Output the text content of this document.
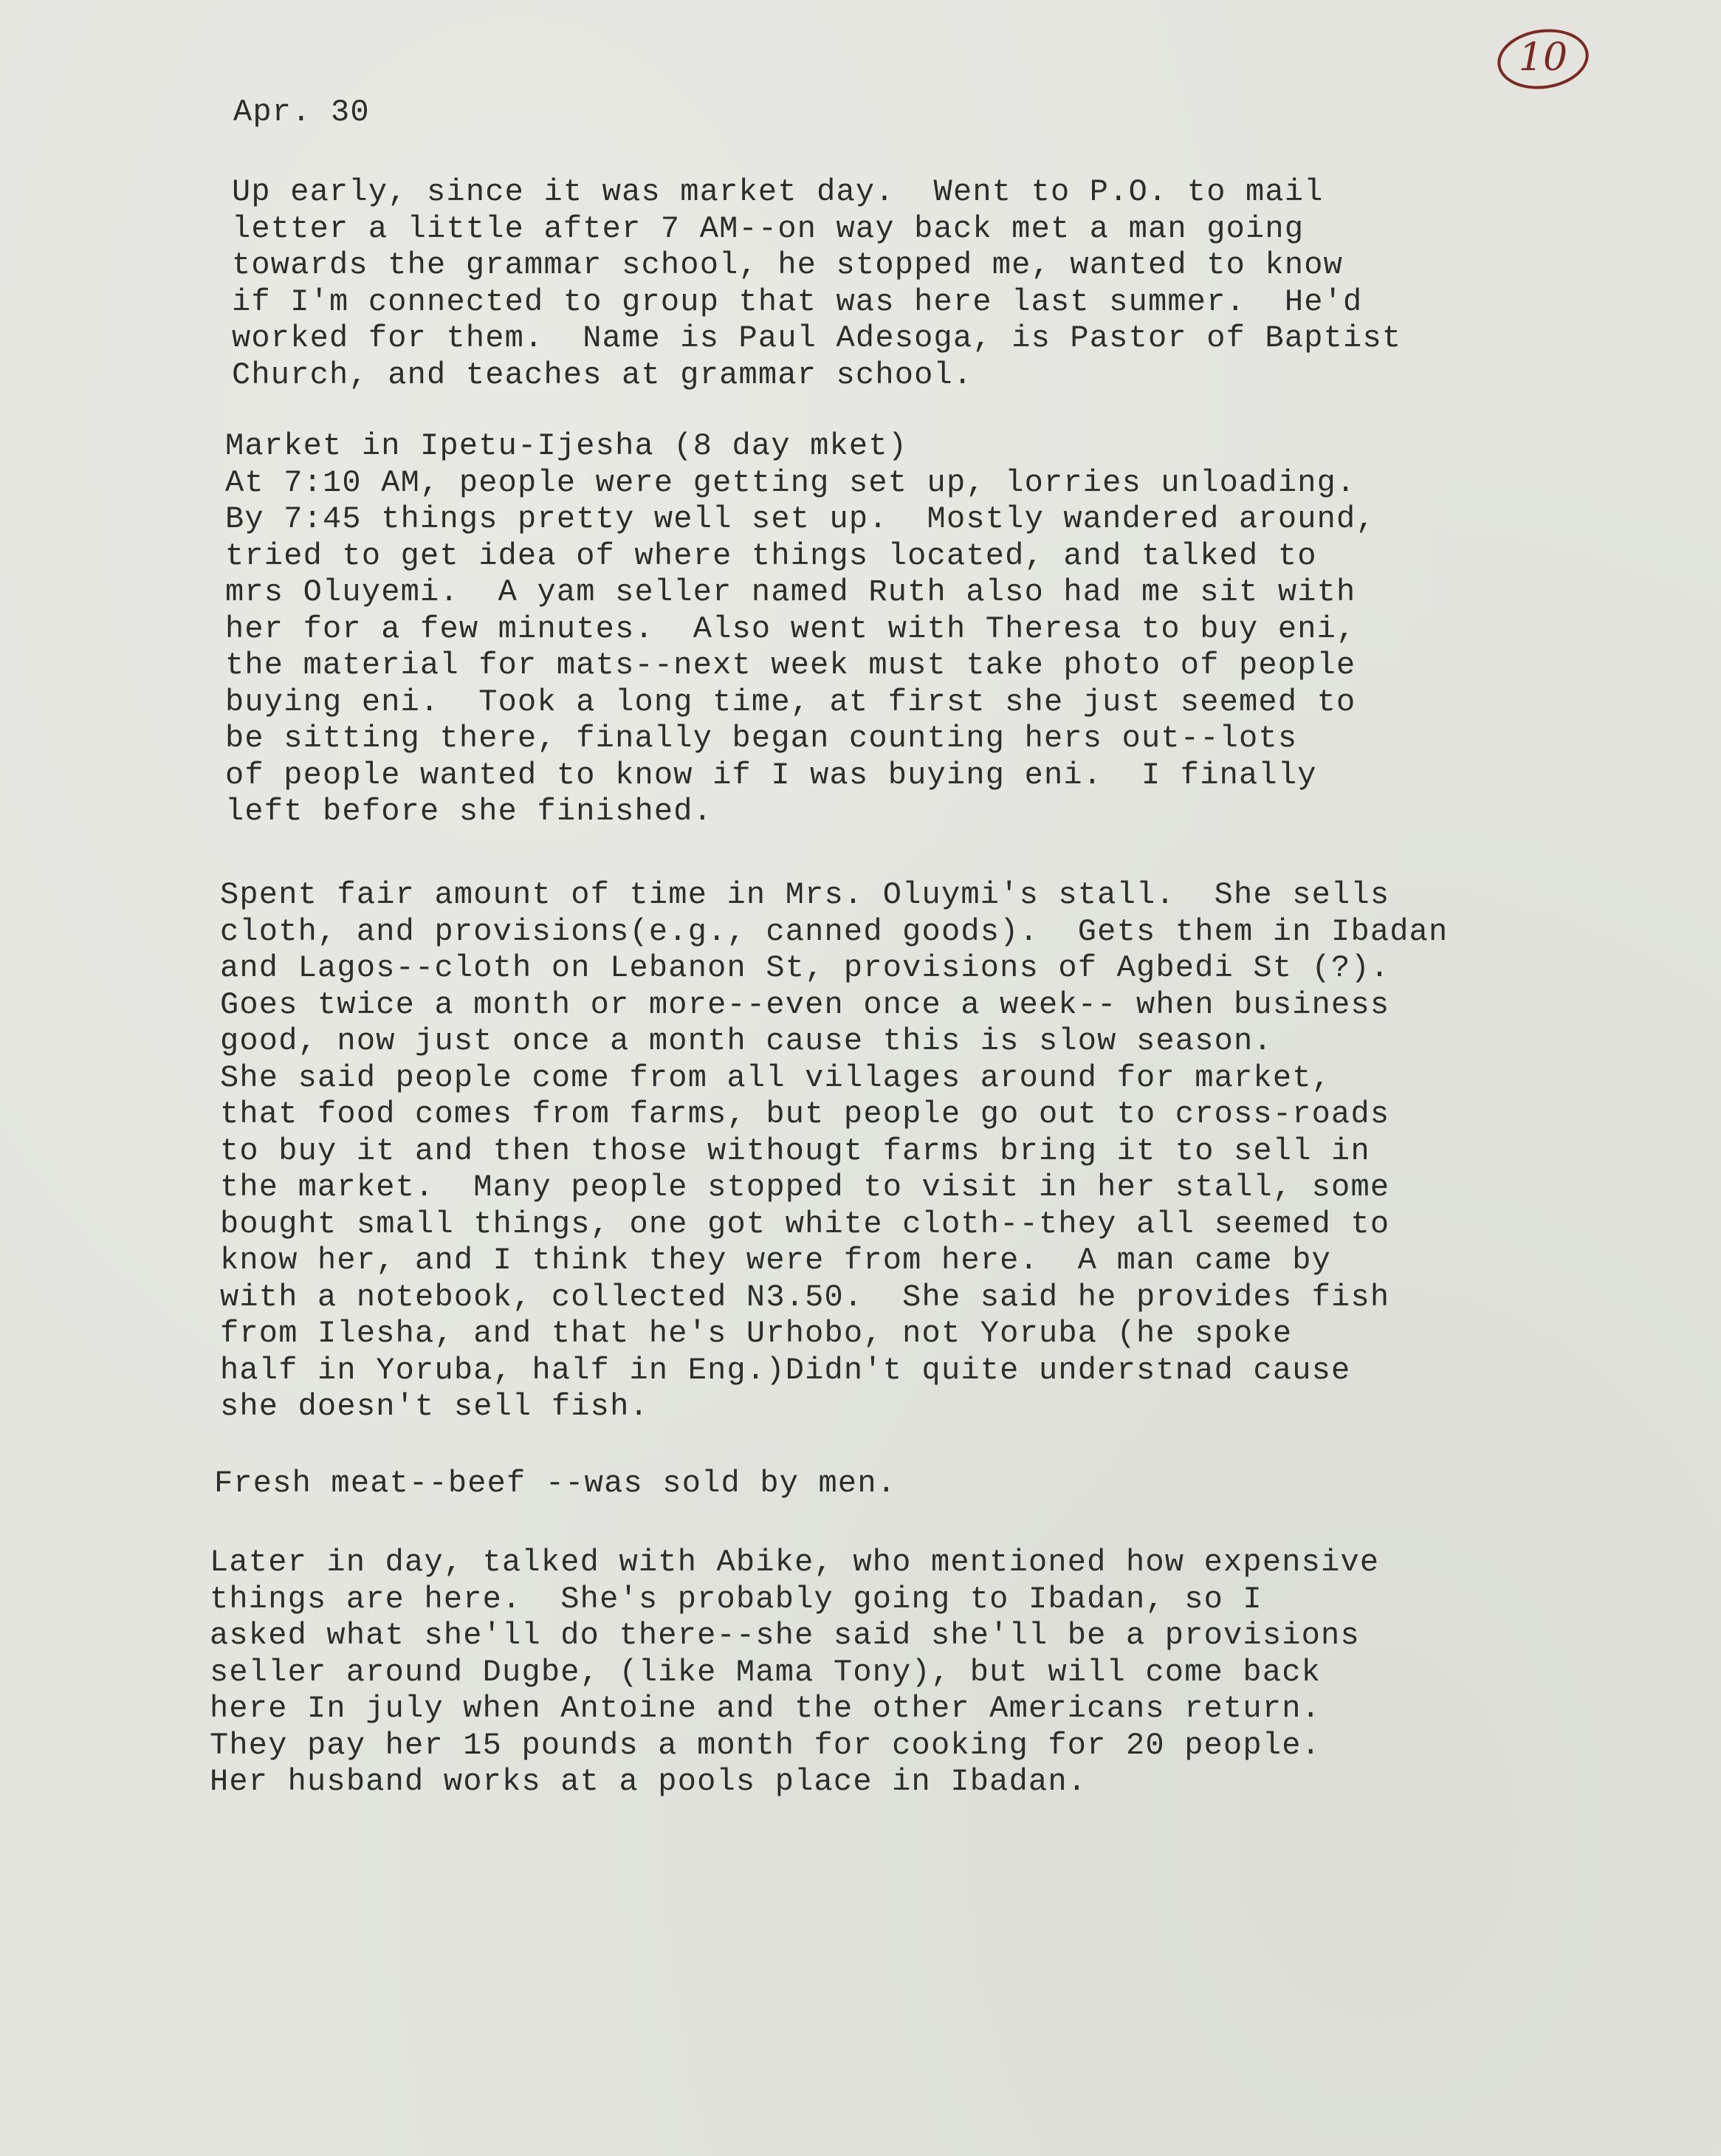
10
Apr. 30
Up early, since it was market day.  Went to P.O. to mail
letter a little after 7 AM--on way back met a man going
towards the grammar school, he stopped me, wanted to know
if I'm connected to group that was here last summer.  He'd
worked for them.  Name is Paul Adesoga, is Pastor of Baptist
Church, and teaches at grammar school.
Market in Ipetu-Ijesha (8 day mket)
At 7:10 AM, people were getting set up, lorries unloading.
By 7:45 things pretty well set up.  Mostly wandered around,
tried to get idea of where things located, and talked to
mrs Oluyemi.  A yam seller named Ruth also had me sit with
her for a few minutes.  Also went with Theresa to buy eni,
the material for mats--next week must take photo of people
buying eni.  Took a long time, at first she just seemed to
be sitting there, finally began counting hers out--lots
of people wanted to know if I was buying eni.  I finally
left before she finished.
Spent fair amount of time in Mrs. Oluymi's stall.  She sells
cloth, and provisions(e.g., canned goods).  Gets them in Ibadan
and Lagos--cloth on Lebanon St, provisions of Agbedi St (?).
Goes twice a month or more--even once a week-- when business
good, now just once a month cause this is slow season.
She said people come from all villages around for market,
that food comes from farms, but people go out to cross-roads
to buy it and then those withougt farms bring it to sell in
the market.  Many people stopped to visit in her stall, some
bought small things, one got white cloth--they all seemed to
know her, and I think they were from here.  A man came by
with a notebook, collected N3.50.  She said he provides fish
from Ilesha, and that he's Urhobo, not Yoruba (he spoke
half in Yoruba, half in Eng.)Didn't quite understnad cause
she doesn't sell fish.
Fresh meat--beef --was sold by men.
Later in day, talked with Abike, who mentioned how expensive
things are here.  She's probably going to Ibadan, so I
asked what she'll do there--she said she'll be a provisions
seller around Dugbe, (like Mama Tony), but will come back
here In july when Antoine and the other Americans return.
They pay her 15 pounds a month for cooking for 20 people.
Her husband works at a pools place in Ibadan.
